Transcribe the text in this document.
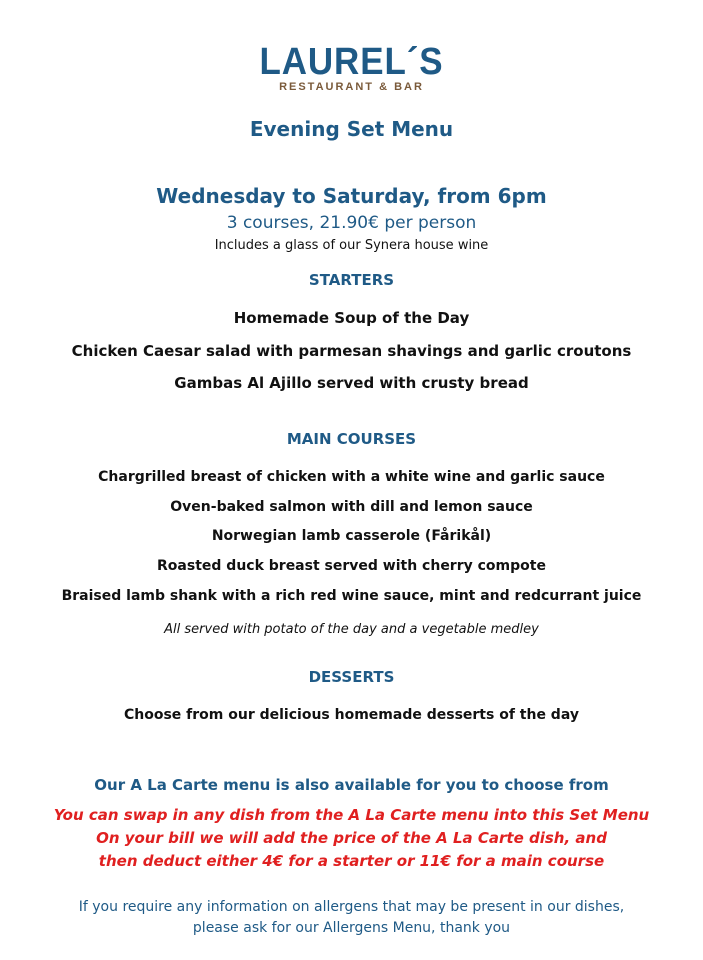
LAUREL´S
RESTAURANT & BAR
Evening Set Menu
Wednesday to Saturday, from 6pm
3 courses, 21.90€ per person
Includes a glass of our Synera house wine
STARTERS
Homemade Soup of the Day
Chicken Caesar salad with parmesan shavings and garlic croutons
Gambas Al Ajillo served with crusty bread
MAIN COURSES
Chargrilled breast of chicken with a white wine and garlic sauce
Oven-baked salmon with dill and lemon sauce
Norwegian lamb casserole (Fårikål)
Roasted duck breast served with cherry compote
Braised lamb shank with a rich red wine sauce, mint and redcurrant juice
All served with potato of the day and a vegetable medley
DESSERTS
Choose from our delicious homemade desserts of the day
Our A La Carte menu is also available for you to choose from
You can swap in any dish from the A La Carte menu into this Set Menu
On your bill we will add the price of the A La Carte dish, and
then deduct either 4€ for a starter or 11€ for a main course
If you require any information on allergens that may be present in our dishes,
please ask for our Allergens Menu, thank you
